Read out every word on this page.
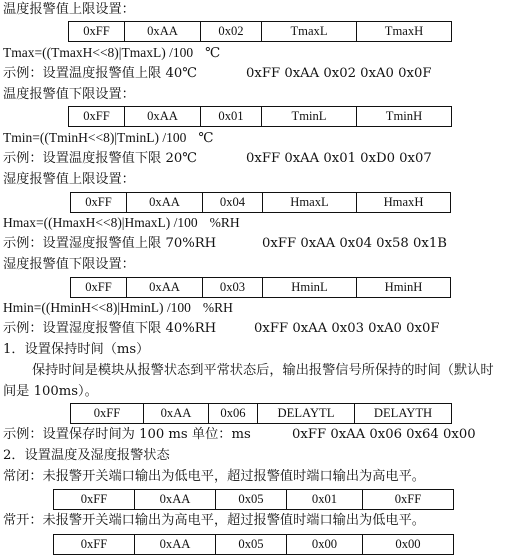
温度报警值上限设置：
0xFF	0xAA	0x02	TmaxL	TmaxH
Tmax=((TmaxH<<8)|TmaxL) /100 ℃
示例：设置温度报警值上限 40℃	0xFF 0xAA 0x02 0xA0 0x0F
温度报警值下限设置：
0xFF	0xAA	0x01	TminL	TminH
Tmin=((TminH<<8)|TminL) /100 ℃
示例：设置温度报警值下限 20℃	0xFF 0xAA 0x01 0xD0 0x07
湿度报警值上限设置：
0xFF	0xAA	0x04	HmaxL	HmaxH
Hmax=((HmaxH<<8)|HmaxL) /100 %RH
示例：设置湿度报警值上限 70%RH	0xFF 0xAA 0x04 0x58 0x1B
湿度报警值下限设置：
0xFF	0xAA	0x03	HminL	HminH
Hmin=((HminH<<8)|HminL) /100 %RH
示例：设置湿度报警值下限 40%RH	0xFF 0xAA 0x03 0xA0 0x0F
1．设置保持时间（ms）
保持时间是模块从报警状态到平常状态后，输出报警信号所保持的时间（默认时
间是 100ms）。
0xFF	0xAA	0x06	DELAYTL	DELAYTH
示例：设置保存时间为 100 ms 单位：ms	0xFF 0xAA 0x06 0x64 0x00
2．设置温度及湿度报警状态
常闭：未报警开关端口输出为低电平，超过报警值时端口输出为高电平。
0xFF	0xAA	0x05	0x01	0xFF
常开：未报警开关端口输出为高电平，超过报警值时端口输出为低电平。
0xFF	0xAA	0x05	0x00	0x00
